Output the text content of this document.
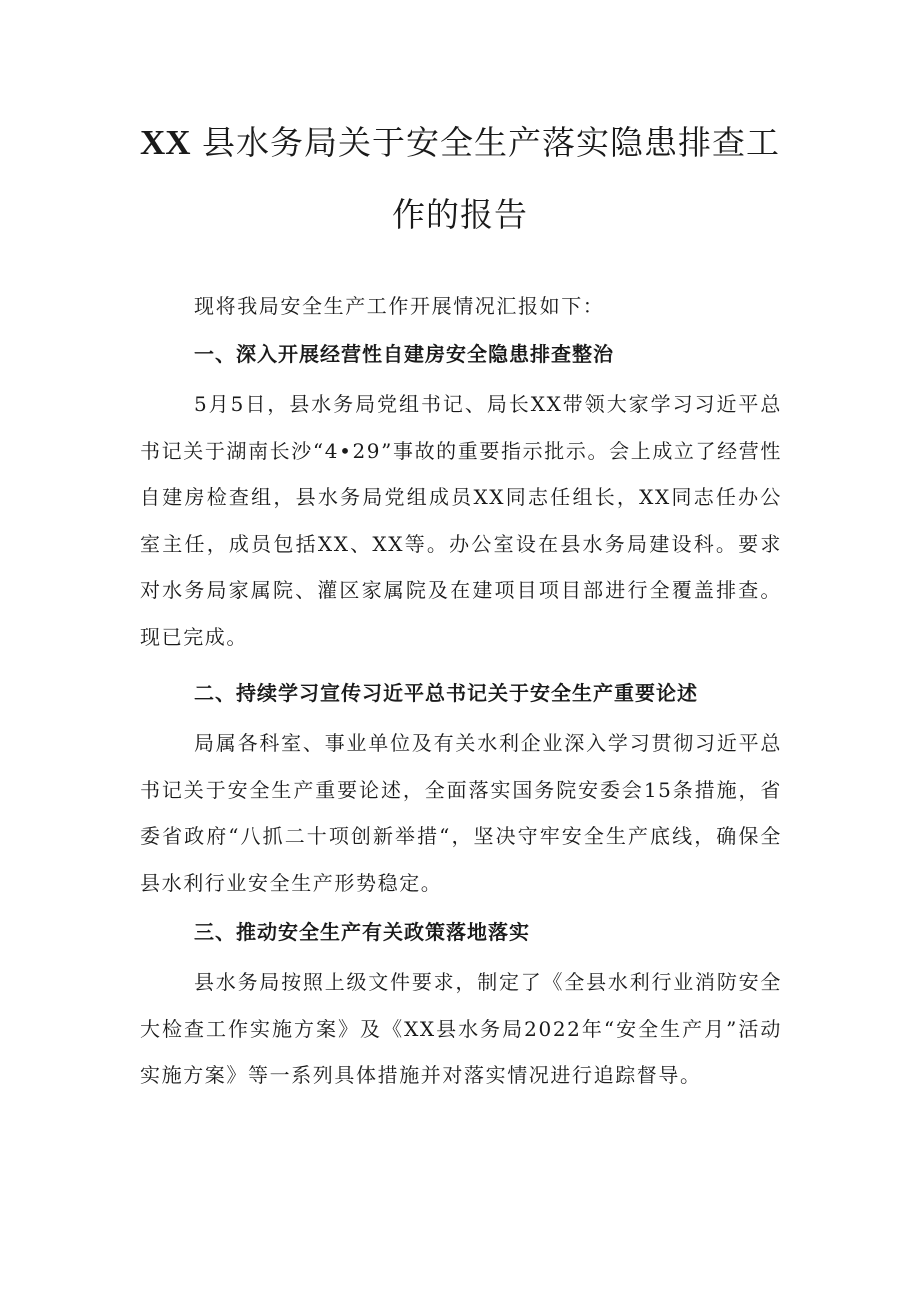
XX 县水务局关于安全生产落实隐患排查工
作的报告

现将我局安全生产工作开展情况汇报如下：

一、深入开展经营性自建房安全隐患排查整治

5月5日，县水务局党组书记、局长XX带领大家学习习近平总书记关于湖南长沙“4•29”事故的重要指示批示。会上成立了经营性自建房检查组，县水务局党组成员XX同志任组长，XX同志任办公室主任，成员包括XX、XX等。办公室设在县水务局建设科。要求对水务局家属院、灌区家属院及在建项目项目部进行全覆盖排查。现已完成。

二、持续学习宣传习近平总书记关于安全生产重要论述

局属各科室、事业单位及有关水利企业深入学习贯彻习近平总书记关于安全生产重要论述，全面落实国务院安委会15条措施，省委省政府“八抓二十项创新举措“，坚决守牢安全生产底线，确保全县水利行业安全生产形势稳定。

三、推动安全生产有关政策落地落实

县水务局按照上级文件要求，制定了《全县水利行业消防安全大检查工作实施方案》及《XX县水务局2022年“安全生产月”活动实施方案》等一系列具体措施并对落实情况进行追踪督导。
